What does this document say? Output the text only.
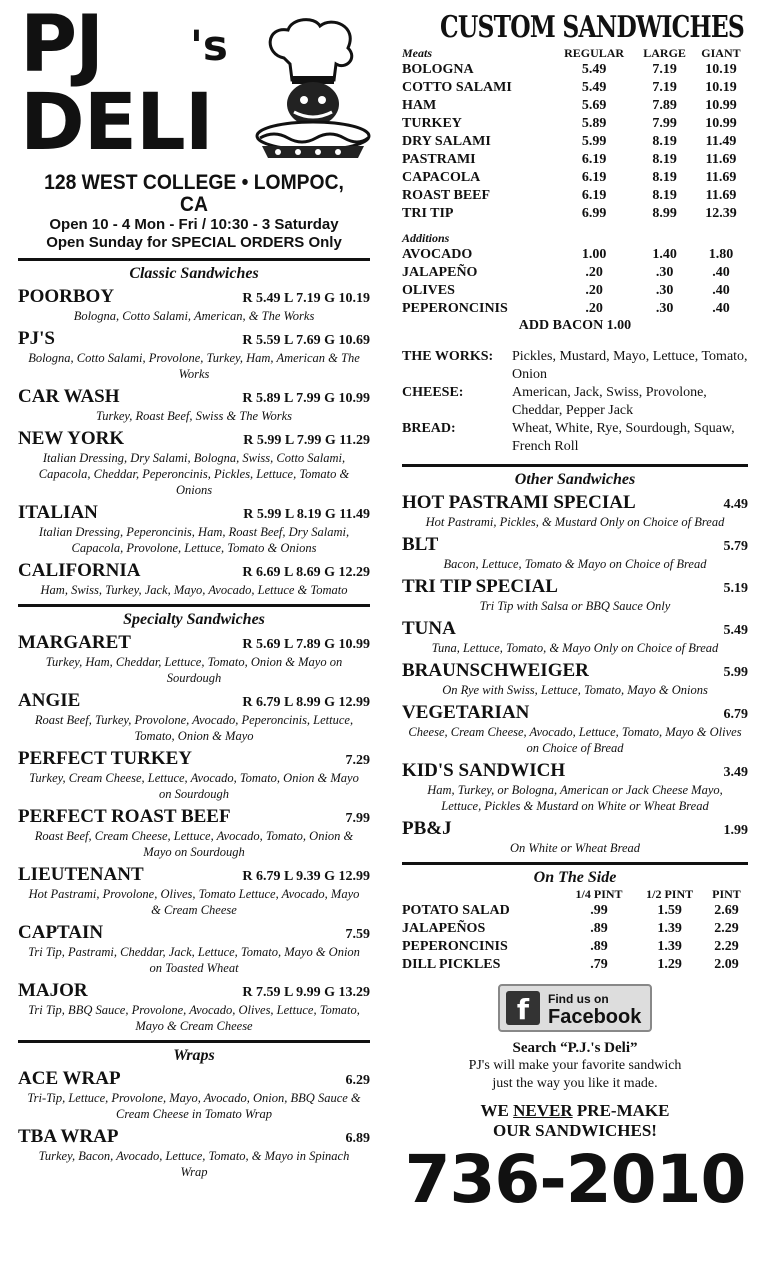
PJ 's
DELI
128 WEST COLLEGE • LOMPOC, CA
Open 10 - 4 Mon - Fri / 10:30 - 3 Saturday
Open Sunday for SPECIAL ORDERS Only
Classic Sandwiches
POORBOY	R 5.49 L 7.19 G 10.19
Bologna, Cotto Salami, American, & The Works
PJ'S	R 5.59 L 7.69 G 10.69
Bologna, Cotto Salami, Provolone, Turkey, Ham, American & The Works
CAR WASH	R 5.89 L 7.99 G 10.99
Turkey, Roast Beef, Swiss & The Works
NEW YORK	R 5.99 L 7.99 G 11.29
Italian Dressing, Dry Salami, Bologna, Swiss, Cotto Salami, Capacola, Cheddar, Peperoncinis, Pickles, Lettuce, Tomato & Onions
ITALIAN	R 5.99 L 8.19 G 11.49
Italian Dressing, Peperoncinis, Ham, Roast Beef, Dry Salami, Capacola, Provolone, Lettuce, Tomato & Onions
CALIFORNIA	R 6.69 L 8.69 G 12.29
Ham, Swiss, Turkey, Jack, Mayo, Avocado, Lettuce & Tomato
Specialty Sandwiches
MARGARET	R 5.69 L 7.89 G 10.99
Turkey, Ham, Cheddar, Lettuce, Tomato, Onion & Mayo on Sourdough
ANGIE	R 6.79 L 8.99 G 12.99
Roast Beef, Turkey, Provolone, Avocado, Peperoncinis, Lettuce, Tomato, Onion & Mayo
PERFECT TURKEY	7.29
Turkey, Cream Cheese, Lettuce, Avocado, Tomato, Onion & Mayo on Sourdough
PERFECT ROAST BEEF	7.99
Roast Beef, Cream Cheese, Lettuce, Avocado, Tomato, Onion & Mayo on Sourdough
LIEUTENANT	R 6.79 L 9.39 G 12.99
Hot Pastrami, Provolone, Olives, Tomato Lettuce, Avocado, Mayo & Cream Cheese
CAPTAIN	7.59
Tri Tip, Pastrami, Cheddar, Jack, Lettuce, Tomato, Mayo & Onion on Toasted Wheat
MAJOR	R 7.59 L 9.99 G 13.29
Tri Tip, BBQ Sauce, Provolone, Avocado, Olives, Lettuce, Tomato, Mayo & Cream Cheese
Wraps
ACE WRAP	6.29
Tri-Tip, Lettuce, Provolone, Mayo, Avocado, Onion, BBQ Sauce & Cream Cheese in Tomato Wrap
TBA WRAP	6.89
Turkey, Bacon, Avocado, Lettuce, Tomato, & Mayo in Spinach Wrap
CUSTOM SANDWICHES
Meats	REGULAR	LARGE	GIANT
BOLOGNA	5.49	7.19	10.19
COTTO SALAMI	5.49	7.19	10.19
HAM	5.69	7.89	10.99
TURKEY	5.89	7.99	10.99
DRY SALAMI	5.99	8.19	11.49
PASTRAMI	6.19	8.19	11.69
CAPACOLA	6.19	8.19	11.69
ROAST BEEF	6.19	8.19	11.69
TRI TIP	6.99	8.99	12.39
Additions			
AVOCADO	1.00	1.40	1.80
JALAPEÑO	.20	.30	.40
OLIVES	.20	.30	.40
PEPERONCINIS	.20	.30	.40
ADD BACON 1.00
THE WORKS:	Pickles, Mustard, Mayo, Lettuce, Tomato, Onion
CHEESE:	American, Jack, Swiss, Provolone, Cheddar, Pepper Jack
BREAD:	Wheat, White, Rye, Sourdough, Squaw, French Roll
Other Sandwiches
HOT PASTRAMI SPECIAL	4.49
Hot Pastrami, Pickles, & Mustard Only on Choice of Bread
BLT	5.79
Bacon, Lettuce, Tomato & Mayo on Choice of Bread
TRI TIP SPECIAL	5.19
Tri Tip with Salsa or BBQ Sauce Only
TUNA	5.49
Tuna, Lettuce, Tomato, & Mayo Only on Choice of Bread
BRAUNSCHWEIGER	5.99
On Rye with Swiss, Lettuce, Tomato, Mayo & Onions
VEGETARIAN	6.79
Cheese, Cream Cheese, Avocado, Lettuce, Tomato, Mayo & Olives on Choice of Bread
KID'S SANDWICH	3.49
Ham, Turkey, or Bologna, American or Jack Cheese Mayo, Lettuce, Pickles & Mustard on White or Wheat Bread
PB&J	1.99
On White or Wheat Bread
On The Side
	1/4 PINT	1/2 PINT	PINT
POTATO SALAD	.99	1.59	2.69
JALAPEÑOS	.89	1.39	2.29
PEPERONCINIS	.89	1.39	2.29
DILL PICKLES	.79	1.29	2.09
f	Find us on
Facebook
Search “P.J.'s Deli”
PJ's will make your favorite sandwich
just the way you like it made.
WE NEVER PRE-MAKE
OUR SANDWICHES!
736-2010
